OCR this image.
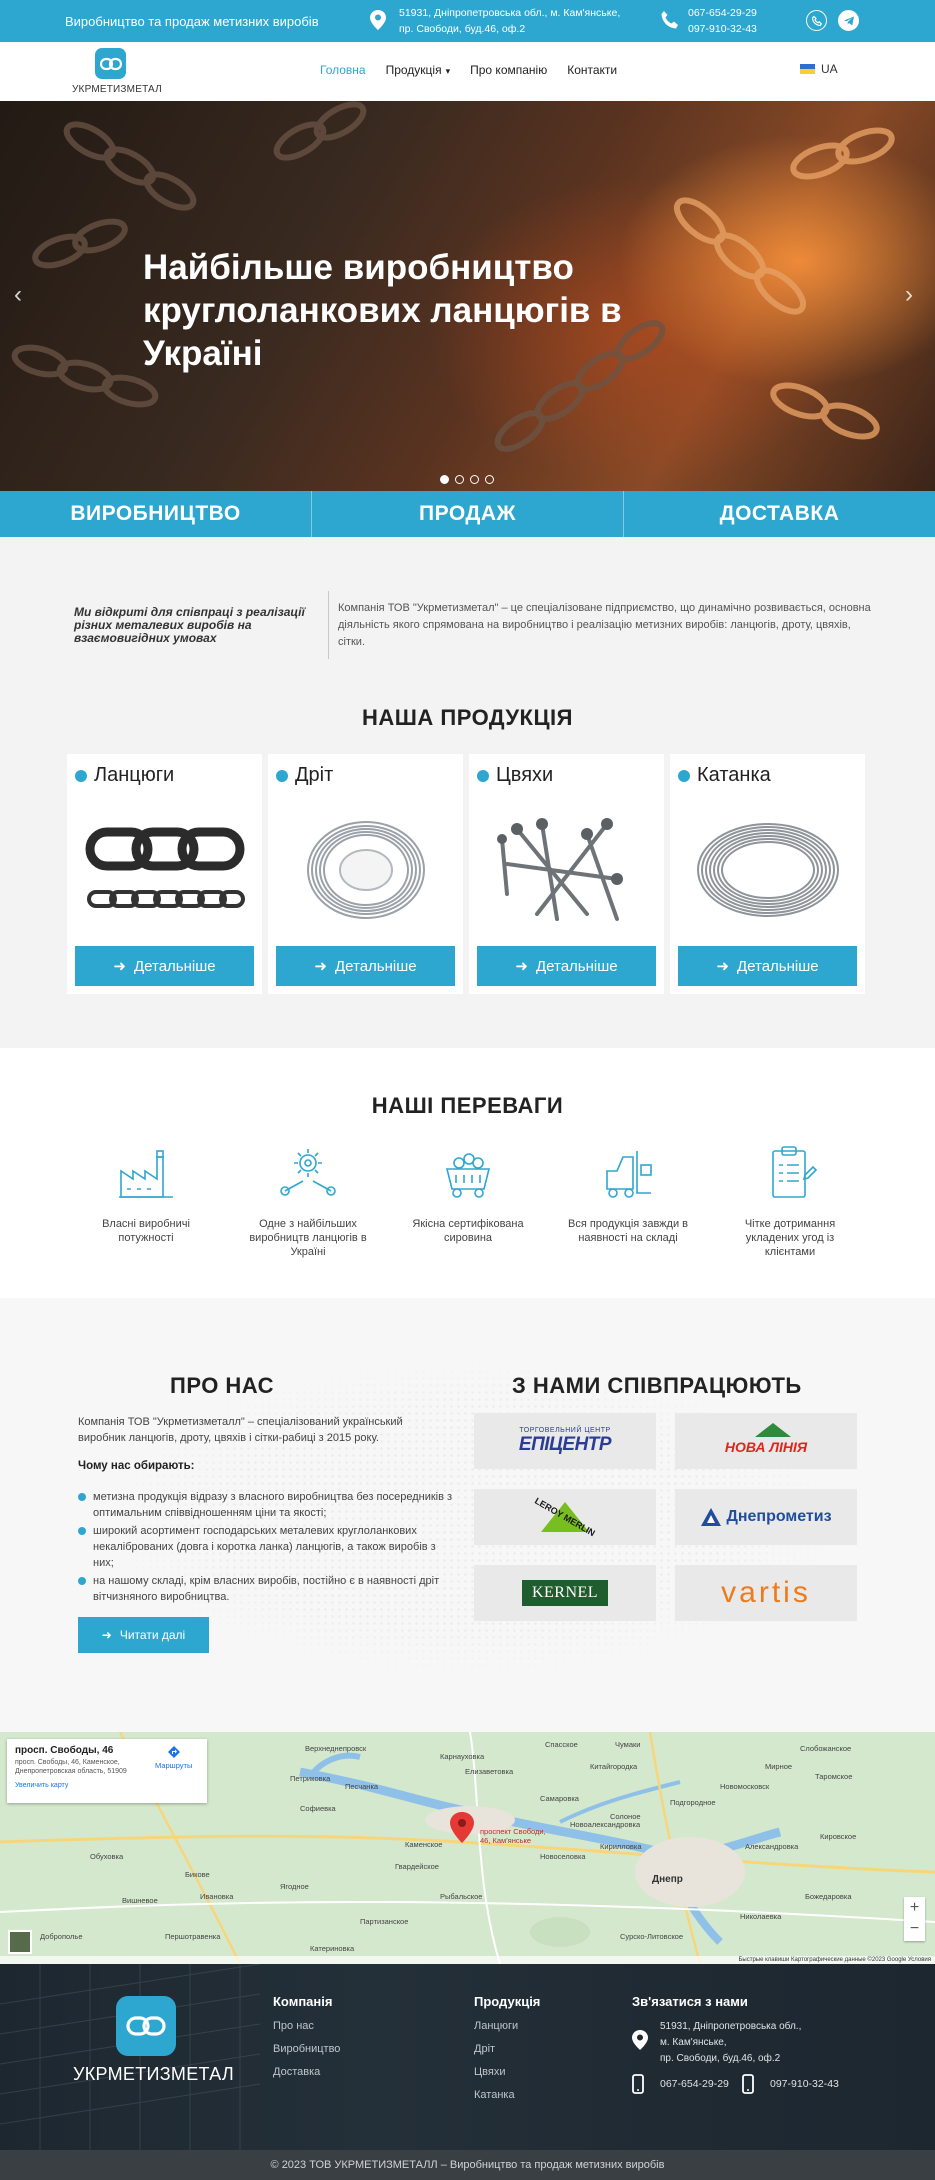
Виробництво та продаж метизних виробів
51931, Дніпропетровська обл., м. Кам'янське,
пр. Свободи, буд.46, оф.2
067-654-29-29
097-910-32-43
УКРМЕТИЗМЕТАЛ
Головна Продукція ▾ Про компанію Контакти	UA
‹	›
Найбільше виробництво круглоланкових ланцюгів в Україні
ВИРОБНИЦТВО	ПРОДАЖ	ДОСТАВКА

Ми відкриті для співпраці з реалізації різних металевих виробів на взаємовигідних умовах

Компанія ТОВ "Укрметизметал" – це спеціалізоване підприємство, що динамічно розвивається, основна діяльність якого спрямована на виробництво і реалізацію метизних виробів: ланцюгів, дроту, цвяхів, сітки.

НАША ПРОДУКЦІЯ
Ланцюги
➜ Детальніше
Дріт
➜ Детальніше
Цвяхи
➜ Детальніше
Катанка
➜ Детальніше
НАШІ ПЕРЕВАГИ
Власні виробничі потужності
Одне з найбільших виробництв ланцюгів в Україні
Якісна сертифікована сировина
Вся продукція завжди в наявності на складі
Чітке дотримання укладених угод із клієнтами
ПРО НАС

Компанія ТОВ "Укрметизметалл" – спеціалізований український виробник ланцюгів, дроту, цвяхів і сітки-рабиці з 2015 року.

Чому нас обирають:

метизна продукція відразу з власного виробництва без посередників з оптимальним співвідношенням ціни та якості;
широкий асортимент господарських металевих круглоланкових некаліброваних (довга і коротка ланка) ланцюгів, а також виробів з них;
на нашому складі, крім власних виробів, постійно є в наявності дріт вітчизняного виробництва.
➜ Читати далі
З НАМИ СПІВПРАЦЮЮТЬ
ТОРГОВЕЛЬНИЙ ЦЕНТР
ЕПІЦЕНТР	НОВА ЛІНІЯ
LEROY MERLIN	Днепрометиз
KERNEL	vartis
проспект Свободи, 46, Кам'янське
Верхнеднепровск	Спасское	Чумаки
Елизаветовка
Карнауховка
Каменское
Днепр
Новомосковск
Подгородное
Самаровка
Петриковка
Сурско-Литовское
Кирилловка
Софиевка
Вишневое	Ивановка
Гвардейское
Обуховка
Солоное
Першотравенка
Катериновка
Мирное
Таромское
Новоалександровка
Кировское
Песчанка
Божедаровка
Новоселовка
Ягодное
Рыбальское
Китайгородка
Александровка
Слобожанское
Николаевка
Бикове
Партизанское
Доброполье
просп. Свободы, 46
просп. Свободы, 46, Каменское, Днепропетровская область, 51909
Увеличить карту
Маршруты
+
−
Быстрые клавиши Картографические данные ©2023 Google Условия
УКРМЕТИЗМЕТАЛ
Компанія
Про нас
Виробництво
Доставка
Продукція
Ланцюги
Дріт
Цвяхи
Катанка
Зв'язатися з нами
51931, Дніпропетровська обл.,
м. Кам'янське,
пр. Свободи, буд.46, оф.2
067-654-29-29	097-910-32-43
© 2023 ТОВ УКРМЕТИЗМЕТАЛЛ – Виробництво та продаж метизних виробів
